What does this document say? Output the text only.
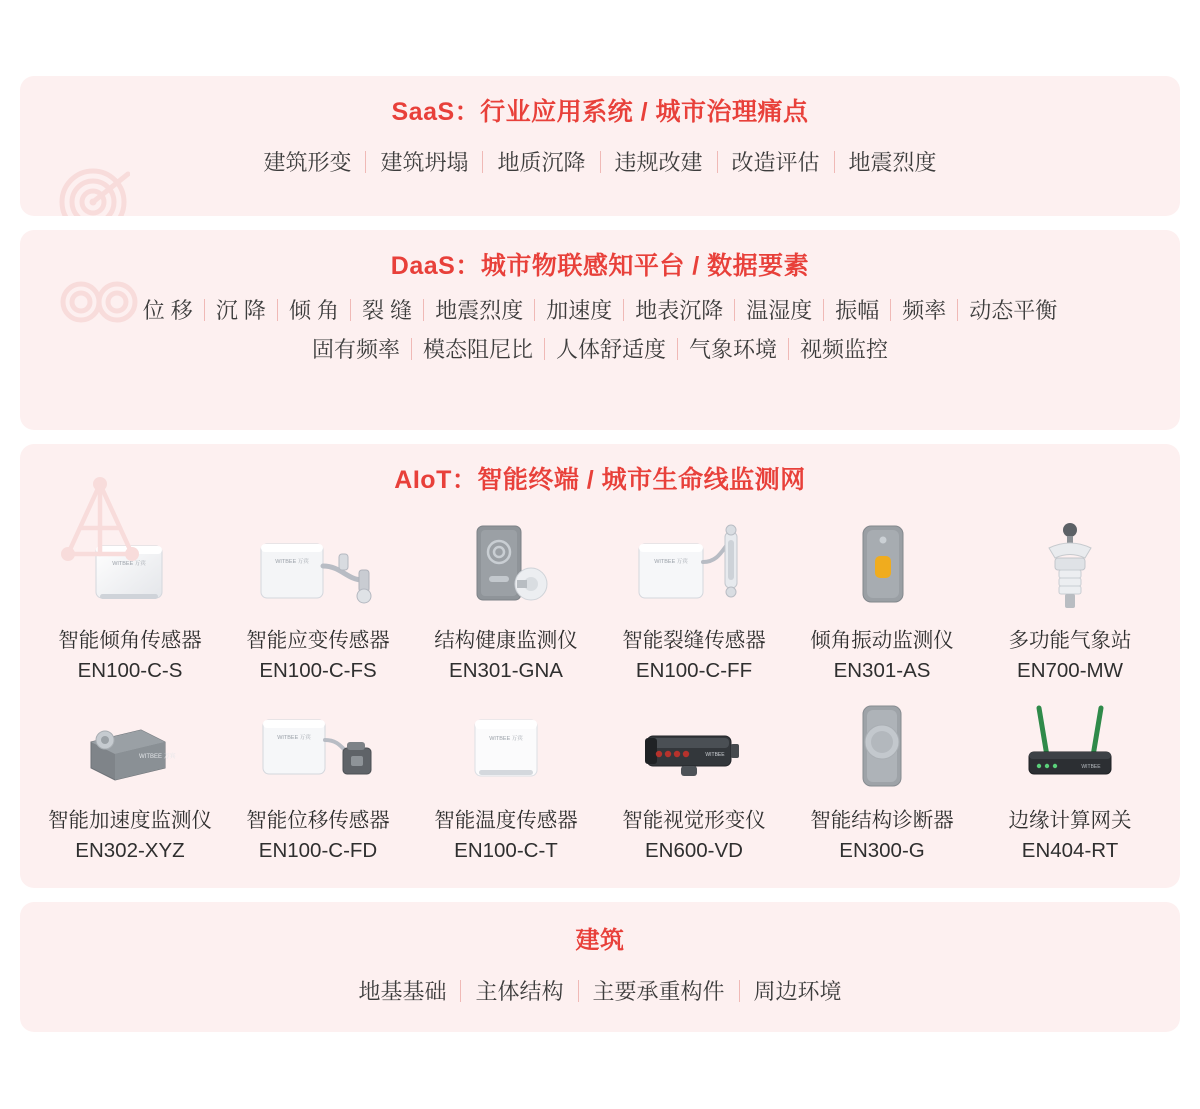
SaaS：行业应用系统 / 城市治理痛点
建筑形变	建筑坍塌	地质沉降	违规改建	改造评估	地震烈度
DaaS：城市物联感知平台 / 数据要素
位 移	沉 降	倾 角	裂 缝	地震烈度	加速度	地表沉降	温湿度	振幅	频率	动态平衡
固有频率	模态阻尼比	人体舒适度	气象环境	视频监控
AIoT：智能终端 / 城市生命线监测网
WITBEE 万宾
智能倾角传感器
EN100-C-S
WITBEE 万宾
智能应变传感器
EN100-C-FS
结构健康监测仪
EN301-GNA
WITBEE 万宾
智能裂缝传感器
EN100-C-FF
倾角振动监测仪
EN301-AS
多功能气象站
EN700-MW
WITBEE 万宾
智能加速度监测仪
EN302-XYZ
WITBEE 万宾
智能位移传感器
EN100-C-FD
WITBEE 万宾
智能温度传感器
EN100-C-T
WITBEE
智能视觉形变仪
EN600-VD
智能结构诊断器
EN300-G
WITBEE
边缘计算网关
EN404-RT
建筑
地基基础	主体结构	主要承重构件	周边环境
